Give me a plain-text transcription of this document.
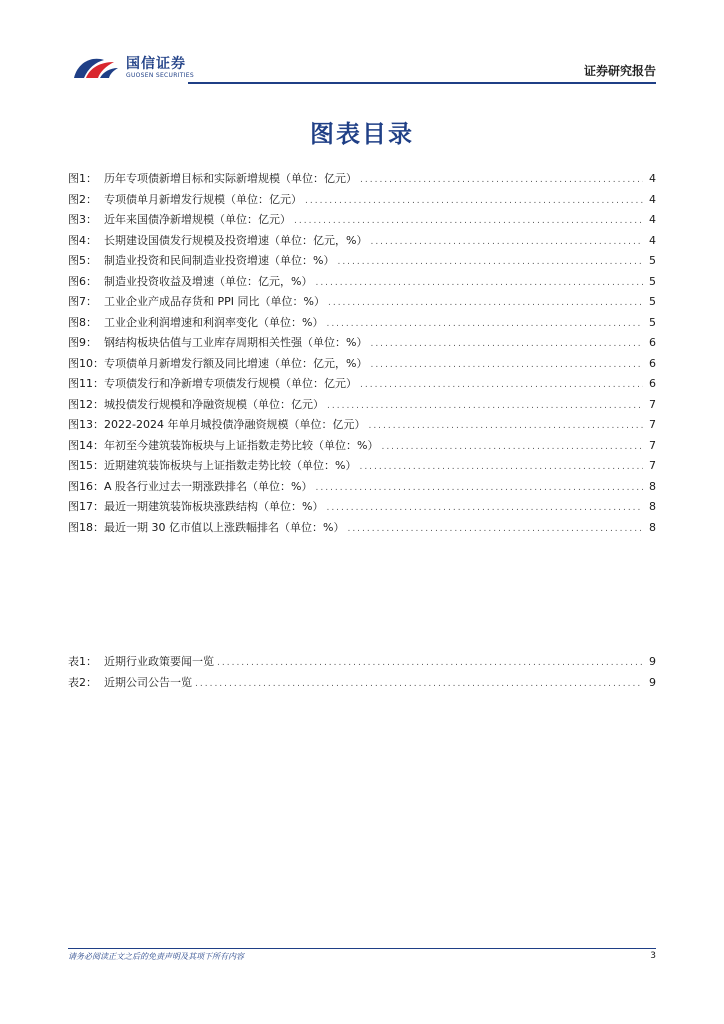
国信证券
GUOSEN SECURITIES	证券研究报告
图表目录
图1： 历年专项债新增目标和实际新增规模（单位：亿元） .....	4
图2： 专项债单月新增发行规模（单位：亿元） .....	4
图3： 近年来国债净新增规模（单位：亿元） .....	4
图4： 长期建设国债发行规模及投资增速（单位：亿元，%） .....	4
图5： 制造业投资和民间制造业投资增速（单位：%） .....	5
图6： 制造业投资收益及增速（单位：亿元，%） .....	5
图7： 工业企业产成品存货和 PPI 同比（单位：%） .....	5
图8： 工业企业利润增速和利润率变化（单位：%） .....	5
图9： 钢结构板块估值与工业库存周期相关性强（单位：%） .....	6
图10： 专项债单月新增发行额及同比增速（单位：亿元，%） .....	6
图11： 专项债发行和净新增专项债发行规模（单位：亿元） .....	6
图12： 城投债发行规模和净融资规模（单位：亿元） .....	7
图13： 2022-2024 年单月城投债净融资规模（单位：亿元） .....	7
图14： 年初至今建筑装饰板块与上证指数走势比较（单位：%） .....	7
图15： 近期建筑装饰板块与上证指数走势比较（单位：%） .....	7
图16： A 股各行业过去一期涨跌排名（单位：%） .....	8
图17： 最近一期建筑装饰板块涨跌结构（单位：%） .....	8
图18： 最近一期 30 亿市值以上涨跌幅排名（单位：%） .....	8
表1： 近期行业政策要闻一览 .....	9
表2： 近期公司公告一览 .....	9
请务必阅读正文之后的免责声明及其项下所有内容	3
